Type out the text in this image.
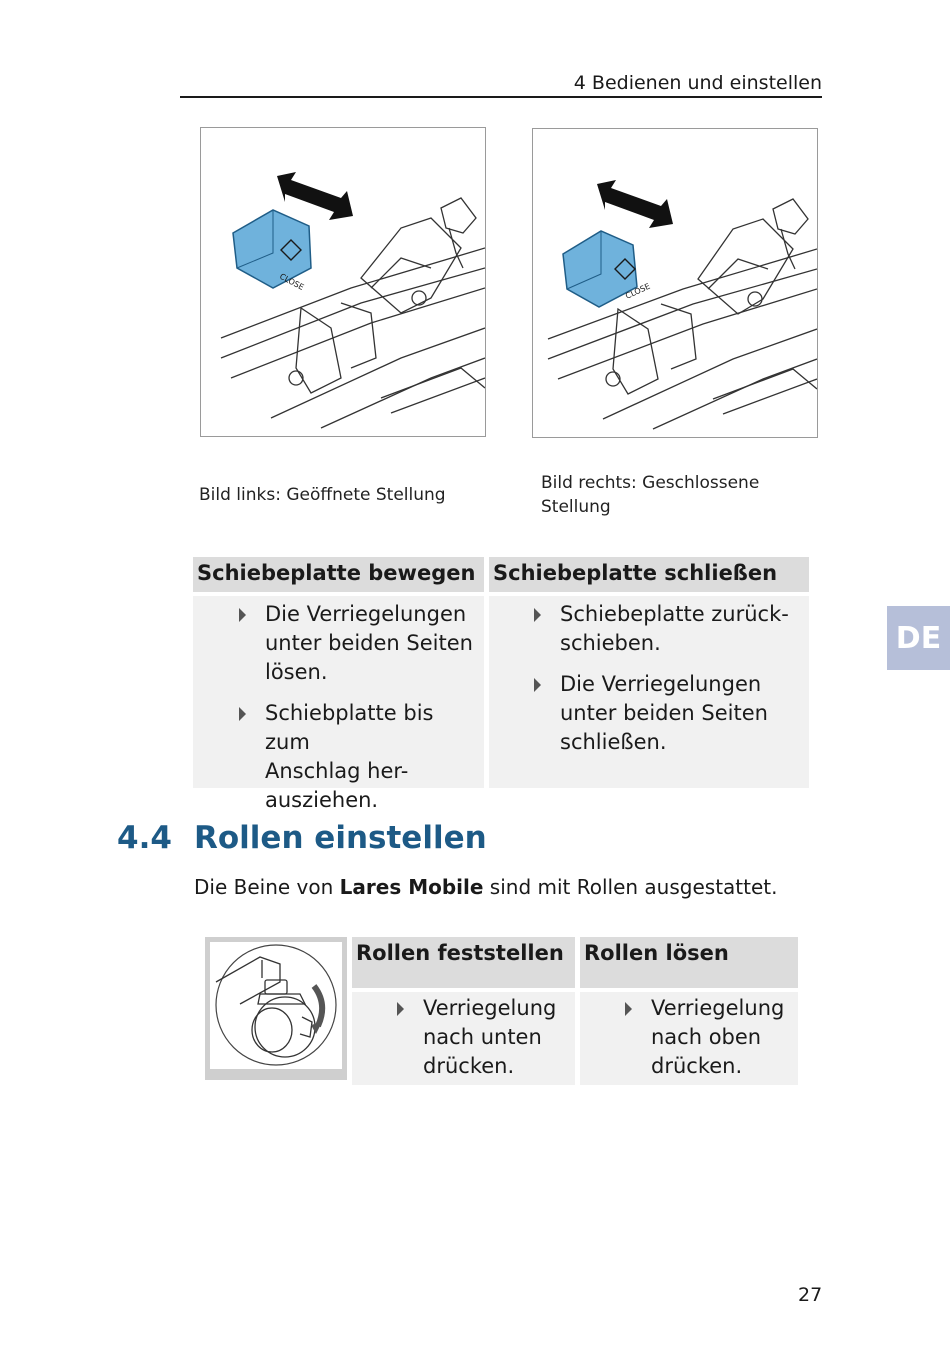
4 Bedienen und einstellen
CLOSE	CLOSE
Bild links: Geöffnete Stellung
Bild rechts: Geschlossene
Stellung
Schiebeplatte bewegen Schiebeplatte schließen
Die Verriegelungen
unter beiden Seiten
lösen.
Schiebplatte bis zum
Anschlag her-
ausziehen.
Schiebeplatte zurück-
schieben.
Die Verriegelungen
unter beiden Seiten
schließen.
DE
4.4 Rollen einstellen
Die Beine von Lares Mobile sind mit Rollen ausgestattet.
Rollen feststellen Rollen lösen
Verriegelung
nach unten
drücken.
Verriegelung
nach oben
drücken.
27
